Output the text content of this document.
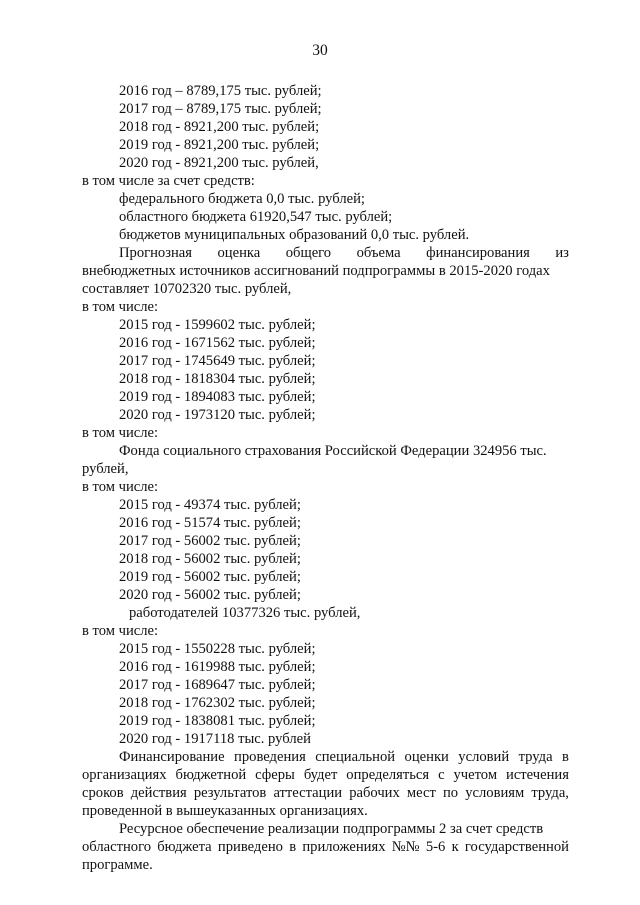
30
2016 год – 8789,175 тыс. рублей;
2017 год – 8789,175 тыс. рублей;
2018 год - 8921,200 тыс. рублей;
2019 год - 8921,200 тыс. рублей;
2020 год - 8921,200 тыс. рублей,
в том числе за счет средств:
федерального бюджета 0,0 тыс. рублей;
областного бюджета 61920,547 тыс. рублей;
бюджетов муниципальных образований 0,0 тыс. рублей.
Прогнозная оценка общего объема финансирования из
внебюджетных источников ассигнований подпрограммы в 2015-2020 годах
составляет 10702320 тыс. рублей,
в том числе:
2015 год - 1599602 тыс. рублей;
2016 год - 1671562 тыс. рублей;
2017 год - 1745649 тыс. рублей;
2018 год - 1818304 тыс. рублей;
2019 год - 1894083 тыс. рублей;
2020 год - 1973120 тыс. рублей;
в том числе:
Фонда социального страхования Российской Федерации 324956 тыс.
рублей,
в том числе:
2015 год - 49374 тыс. рублей;
2016 год - 51574 тыс. рублей;
2017 год - 56002 тыс. рублей;
2018 год - 56002 тыс. рублей;
2019 год - 56002 тыс. рублей;
2020 год - 56002 тыс. рублей;
работодателей 10377326 тыс. рублей,
в том числе:
2015 год - 1550228 тыс. рублей;
2016 год - 1619988 тыс. рублей;
2017 год - 1689647 тыс. рублей;
2018 год - 1762302 тыс. рублей;
2019 год - 1838081 тыс. рублей;
2020 год - 1917118 тыс. рублей
Финансирование проведения специальной оценки условий труда в
организациях бюджетной сферы будет определяться с учетом истечения
сроков действия результатов аттестации рабочих мест по условиям труда,
проведенной в вышеуказанных организациях.
Ресурсное обеспечение реализации подпрограммы 2 за счет средств
областного бюджета приведено в приложениях №№ 5-6 к государственной
программе.
